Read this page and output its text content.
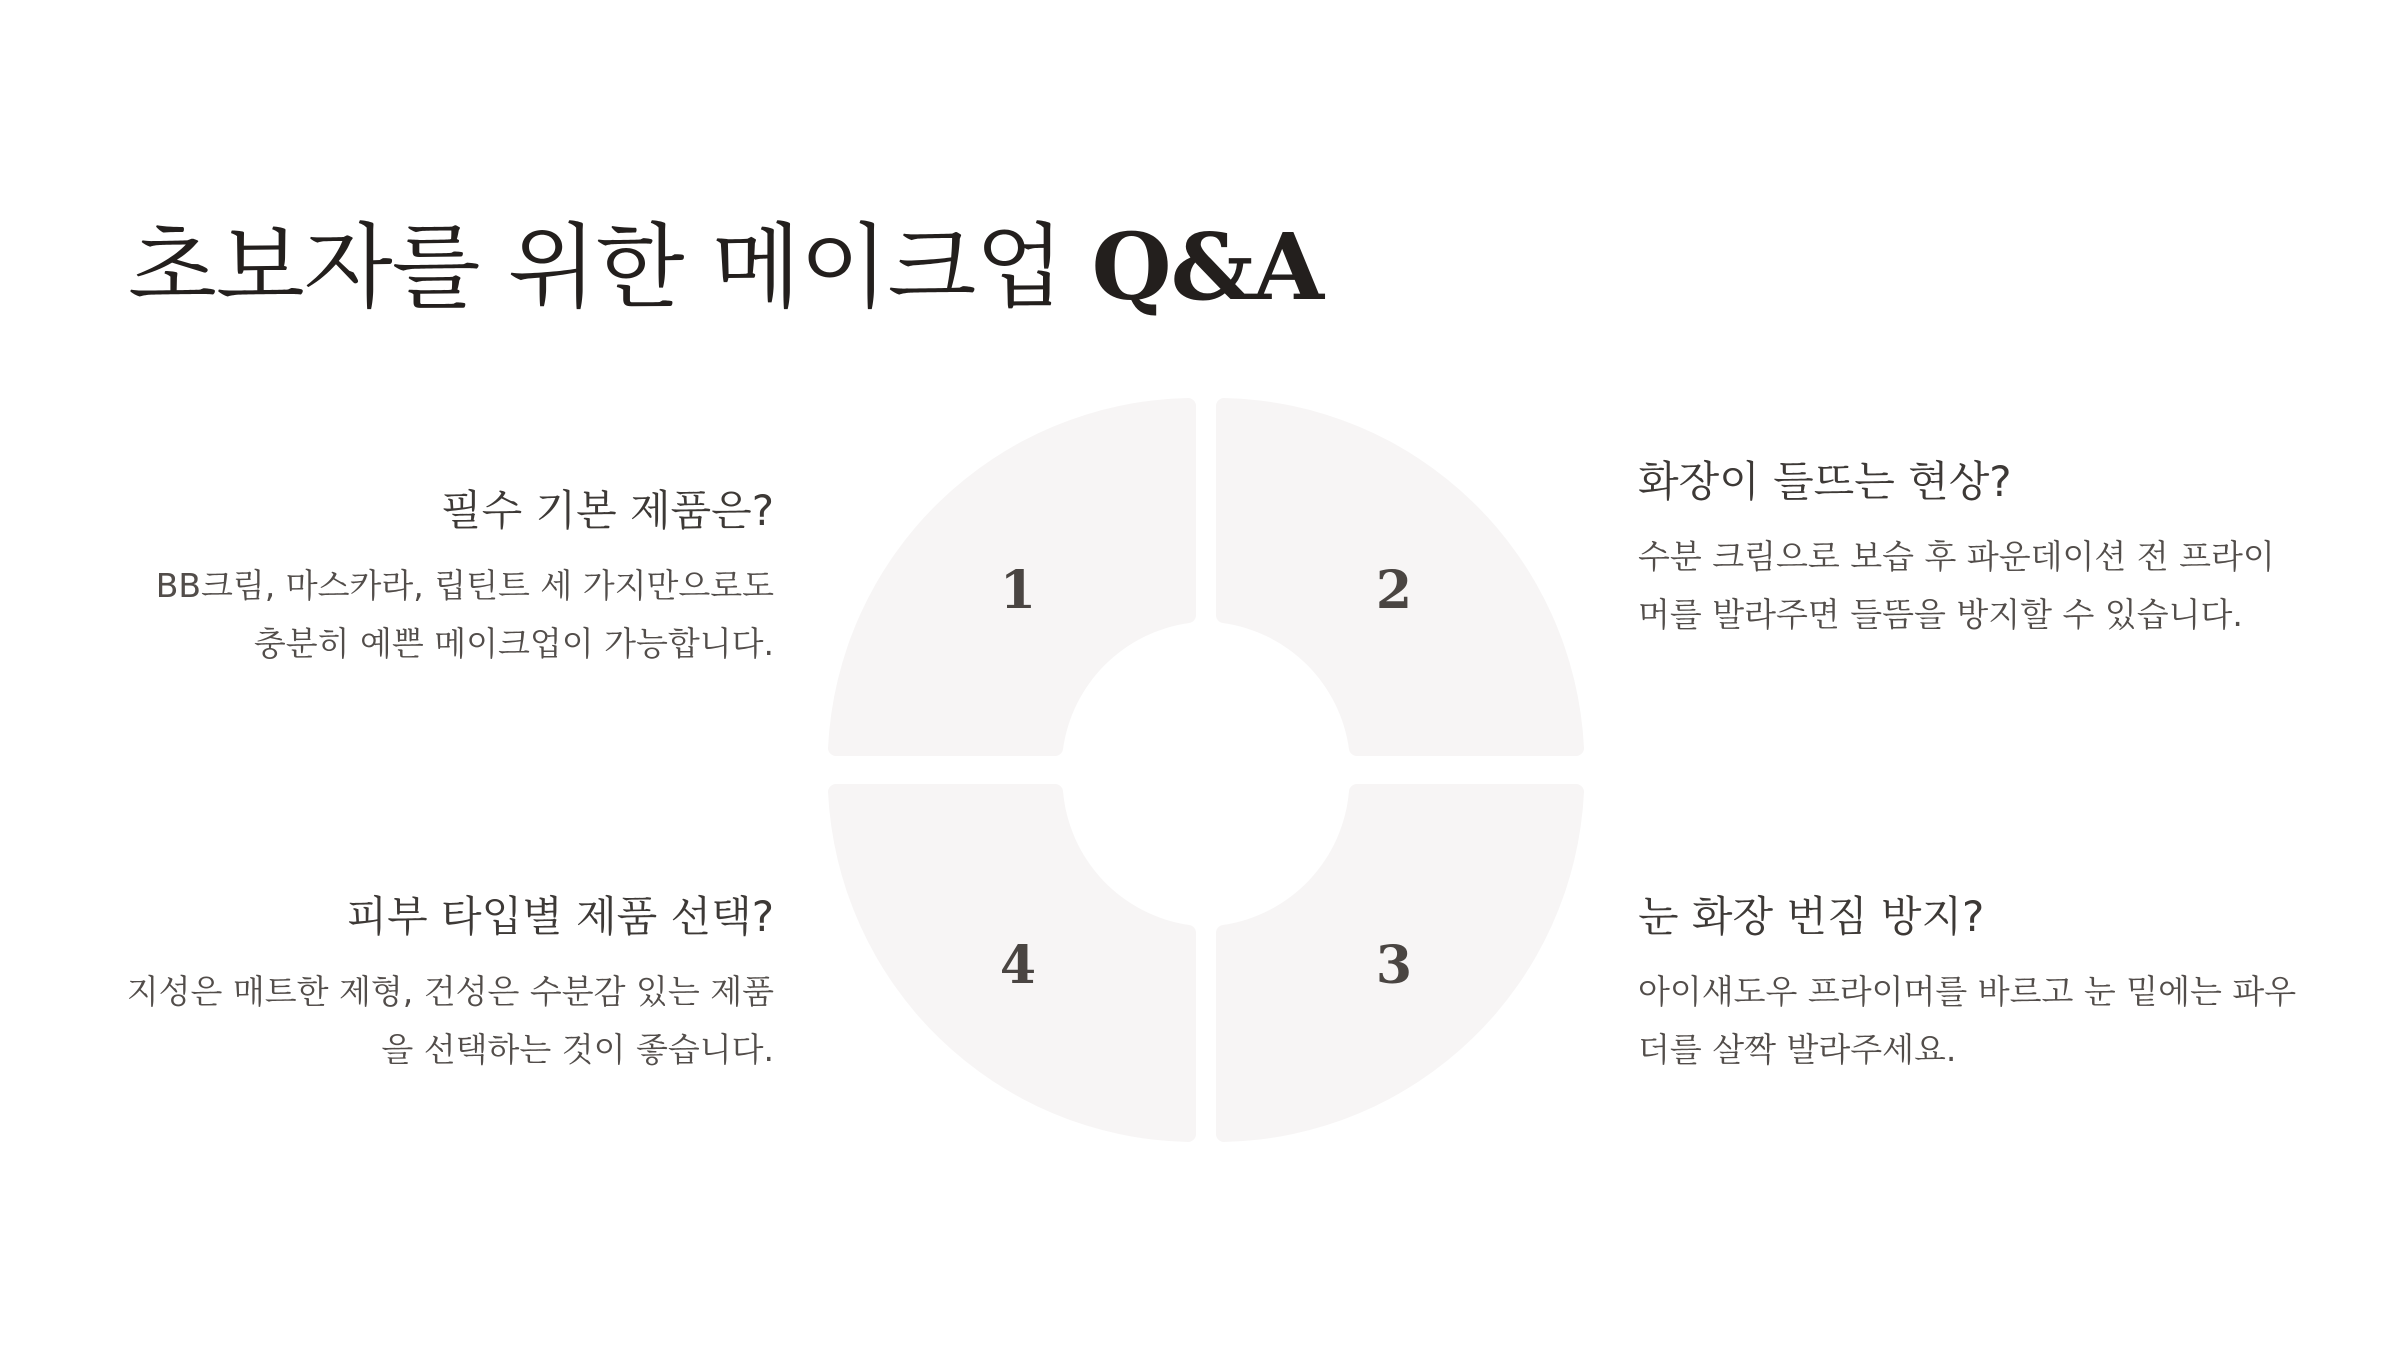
초보자를 위한 메이크업 Q&A
1	2
3
4
필수 기본 제품은?

BB크림, 마스카라, 립틴트 세 가지만으로도 충분히 예쁜 메이크업이 가능합니다.

화장이 들뜨는 현상?

수분 크림으로 보습 후 파운데이션 전 프라이머를 발라주면 들뜸을 방지할 수 있습니다.

눈 화장 번짐 방지?

아이섀도우 프라이머를 바르고 눈 밑에는 파우더를 살짝 발라주세요.

피부 타입별 제품 선택?

지성은 매트한 제형, 건성은 수분감 있는 제품을 선택하는 것이 좋습니다.
